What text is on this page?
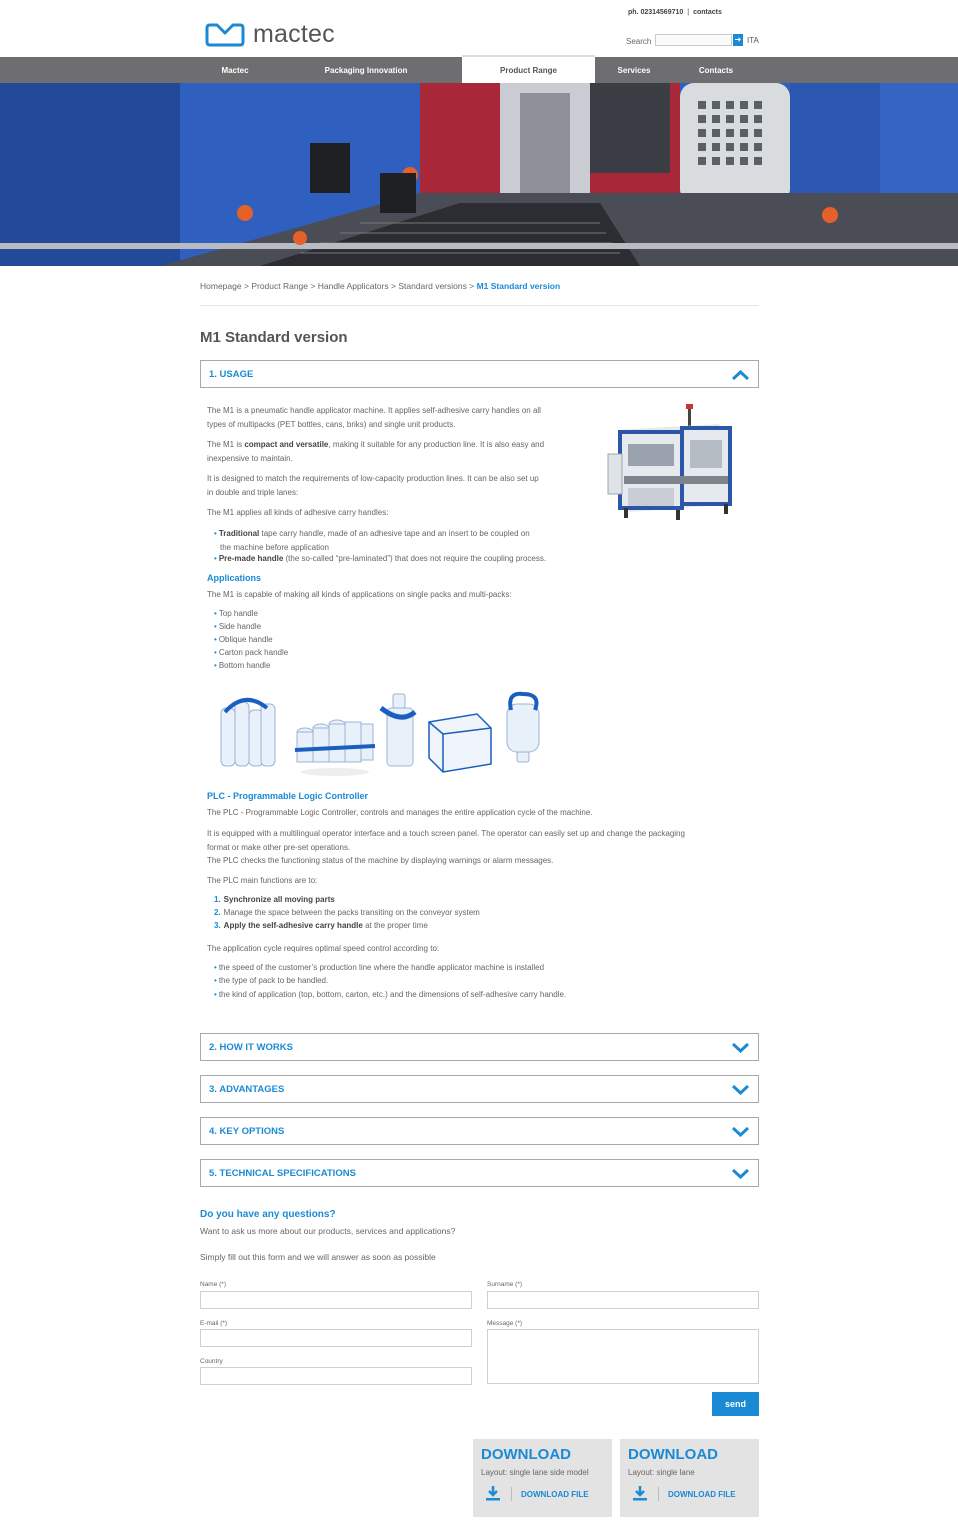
mactec
ph. 02314569710 | contacts
Search	➔ ITA
Mactec	Packaging Innovation	Product Range	Services	Contacts
Homepage > Product Range > Handle Applicators > Standard versions > M1 Standard version
M1 Standard version
1. USAGE

The M1 is a pneumatic handle applicator machine. It applies self-adhesive carry handles on all
types of multipacks (PET bottles, cans, briks) and single unit products.

The M1 is compact and versatile, making it suitable for any production line. It is also easy and
inexpensive to maintain.

It is designed to match the requirements of low-capacity production lines. It can be also set up
in double and triple lanes:

The M1 applies all kinds of adhesive carry handles:

• Traditional tape carry handle, made of an adhesive tape and an insert to be coupled on
the machine before application
• Pre-made handle (the so-called “pre-laminated”) that does not require the coupling process.
Applications

The M1 is capable of making all kinds of applications on single packs and multi-packs:

• Top handle
• Side handle
• Oblique handle
• Carton pack handle
• Bottom handle
PLC - Programmable Logic Controller

The PLC - Programmable Logic Controller, controls and manages the entire application cycle of the machine.

It is equipped with a multilingual operator interface and a touch screen panel. The operator can easily set up and change the packaging
format or make other pre-set operations.
The PLC checks the functioning status of the machine by displaying warnings or alarm messages.

The PLC main functions are to:

1. Synchronize all moving parts
2. Manage the space between the packs transiting on the conveyor system
3. Apply the self-adhesive carry handle at the proper time

The application cycle requires optimal speed control according to:

• the speed of the customer’s production line where the handle applicator machine is installed
• the type of pack to be handled.
• the kind of application (top, bottom, carton, etc.) and the dimensions of self-adhesive carry handle.
2. HOW IT WORKS
3. ADVANTAGES
4. KEY OPTIONS
5. TECHNICAL SPECIFICATIONS
Do you have any questions?

Want to ask us more about our products, services and applications?

Simply fill out this form and we will answer as soon as possible

Name (*)	Surname (*)
E-mail (*)	Message (*)
Country
send
DOWNLOAD
Layout: single lane side model
DOWNLOAD FILE
DOWNLOAD
Layout: single lane
DOWNLOAD FILE
